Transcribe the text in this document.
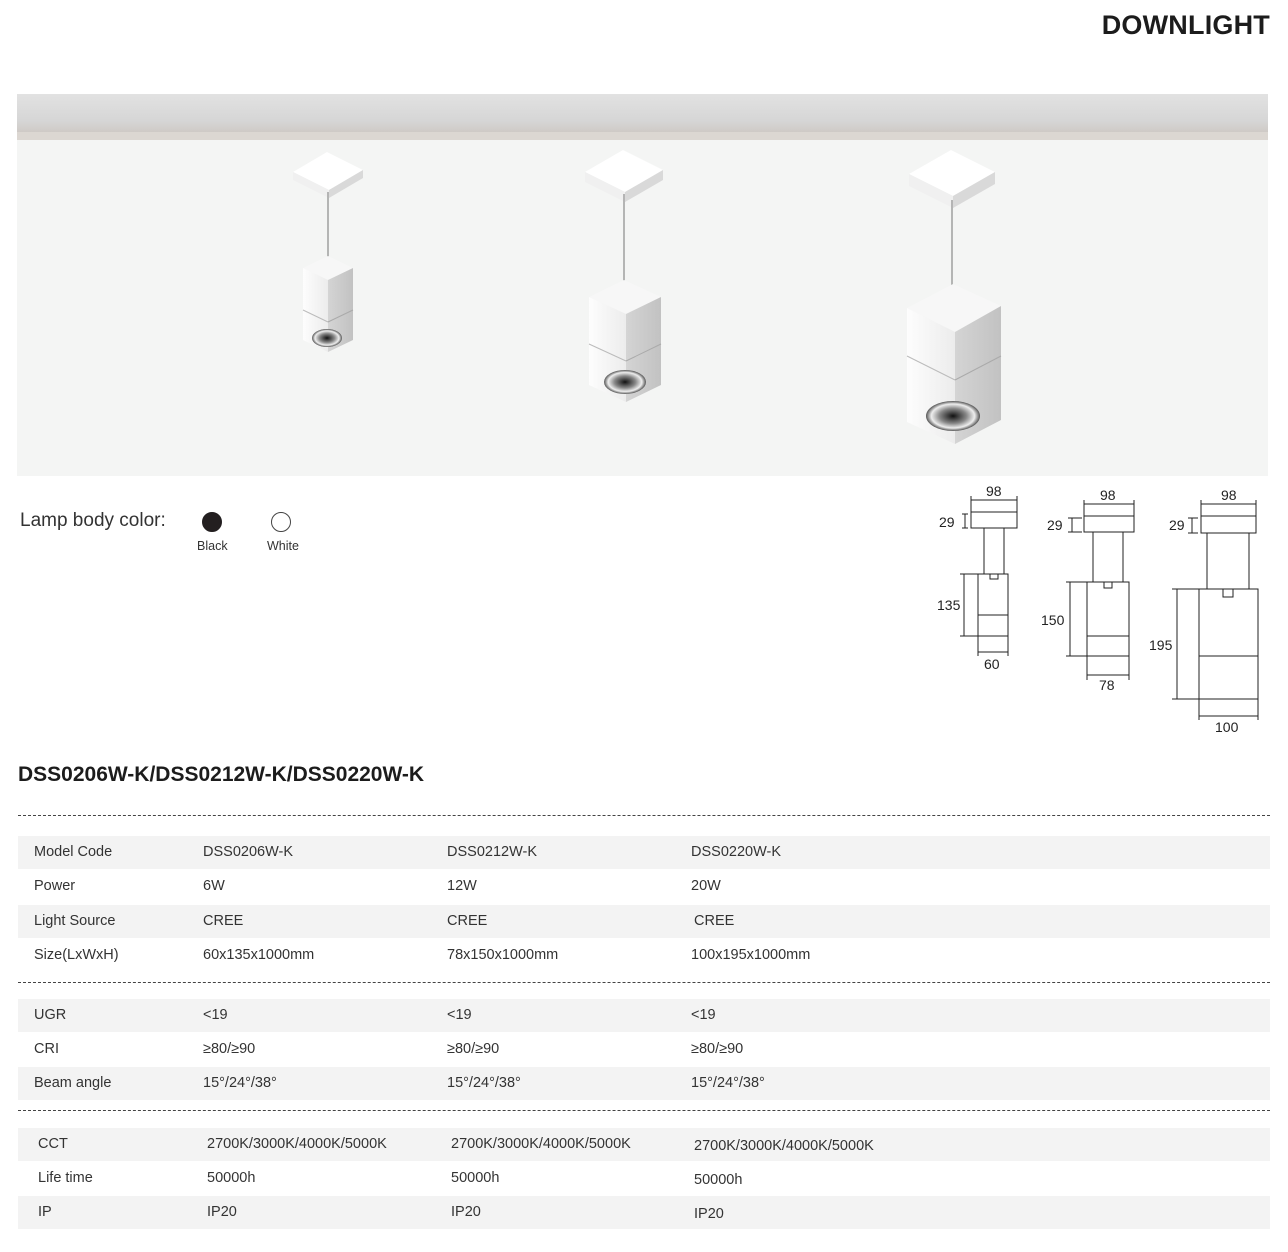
DOWNLIGHT
Lamp body color:
Black	White
98
29
135
60
98
29
150
78
98
29
195
100
DSS0206W-K/DSS0212W-K/DSS0220W-K
Model Code	DSS0206W-K	DSS0212W-K	DSS0220W-K
Power	6W	12W	20W
Light Source	CREE	CREE	CREE
Size(LxWxH)	60x135x1000mm	78x150x1000mm	100x195x1000mm
UGR	<19	<19	<19
CRI	≥80/≥90	≥80/≥90	≥80/≥90
Beam angle	15°/24°/38°	15°/24°/38°	15°/24°/38°
CCT	2700K/3000K/4000K/5000K	2700K/3000K/4000K/5000K	2700K/3000K/4000K/5000K
Life time	50000h	50000h	50000h
IP	IP20	IP20	IP20
